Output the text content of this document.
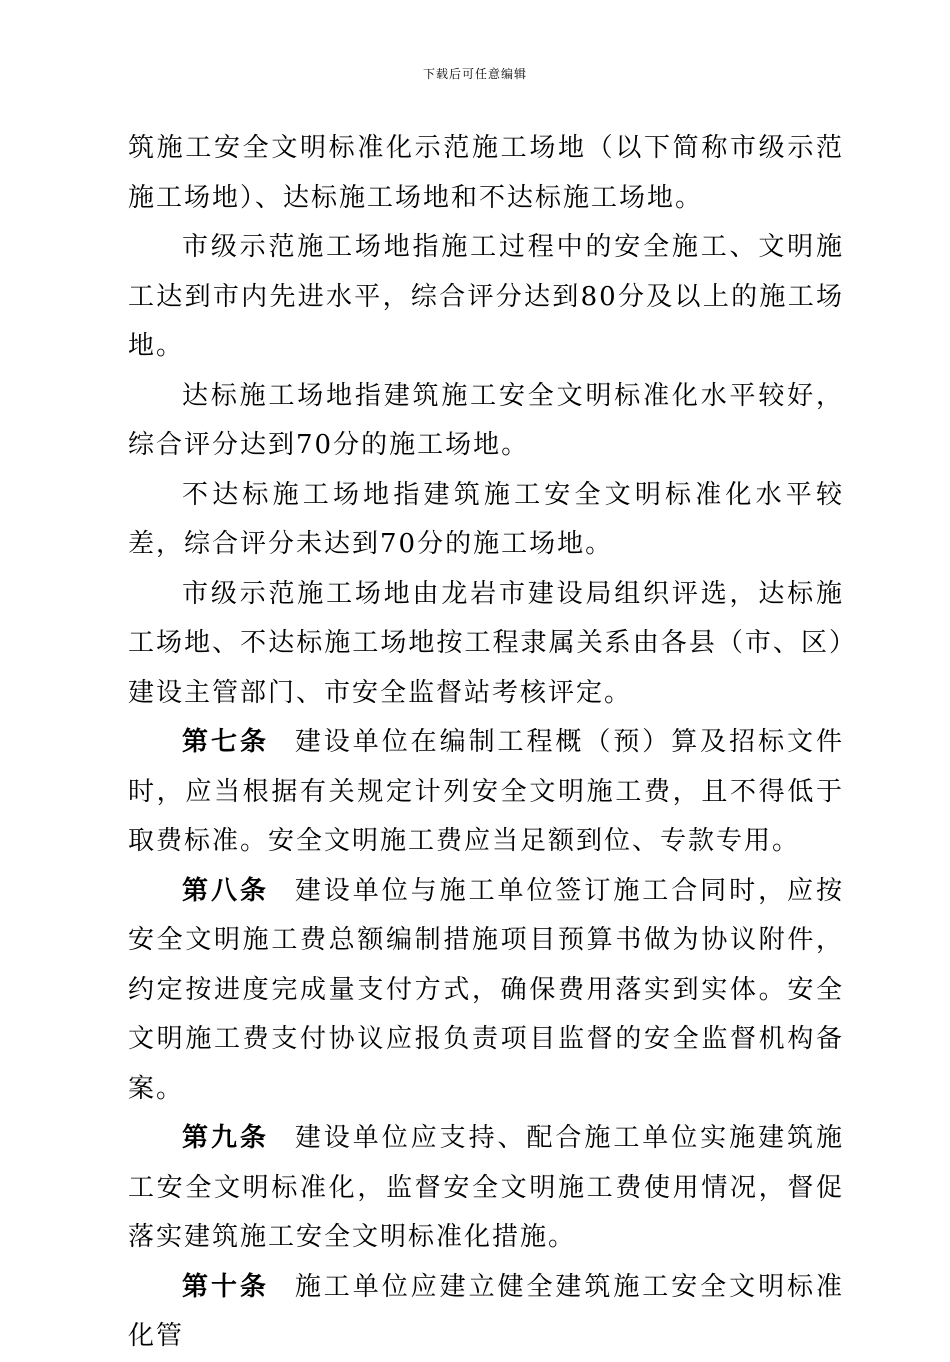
下载后可任意编辑

筑施工安全文明标准化示范施工场地（以下简称市级示范施工场地）、达标施工场地和不达标施工场地。

市级示范施工场地指施工过程中的安全施工、文明施工达到市内先进水平，综合评分达到80分及以上的施工场地。

达标施工场地指建筑施工安全文明标准化水平较好，综合评分达到70分的施工场地。

不达标施工场地指建筑施工安全文明标准化水平较差，综合评分未达到70分的施工场地。

市级示范施工场地由龙岩市建设局组织评选，达标施工场地、不达标施工场地按工程隶属关系由各县（市、区）建设主管部门、市安全监督站考核评定。

第七条 建设单位在编制工程概（预）算及招标文件时，应当根据有关规定计列安全文明施工费，且不得低于取费标准。安全文明施工费应当足额到位、专款专用。

第八条 建设单位与施工单位签订施工合同时，应按安全文明施工费总额编制措施项目预算书做为协议附件，约定按进度完成量支付方式，确保费用落实到实体。安全文明施工费支付协议应报负责项目监督的安全监督机构备案。

第九条 建设单位应支持、配合施工单位实施建筑施工安全文明标准化，监督安全文明施工费使用情况，督促落实建筑施工安全文明标准化措施。

第十条 施工单位应建立健全建筑施工安全文明标准化管
